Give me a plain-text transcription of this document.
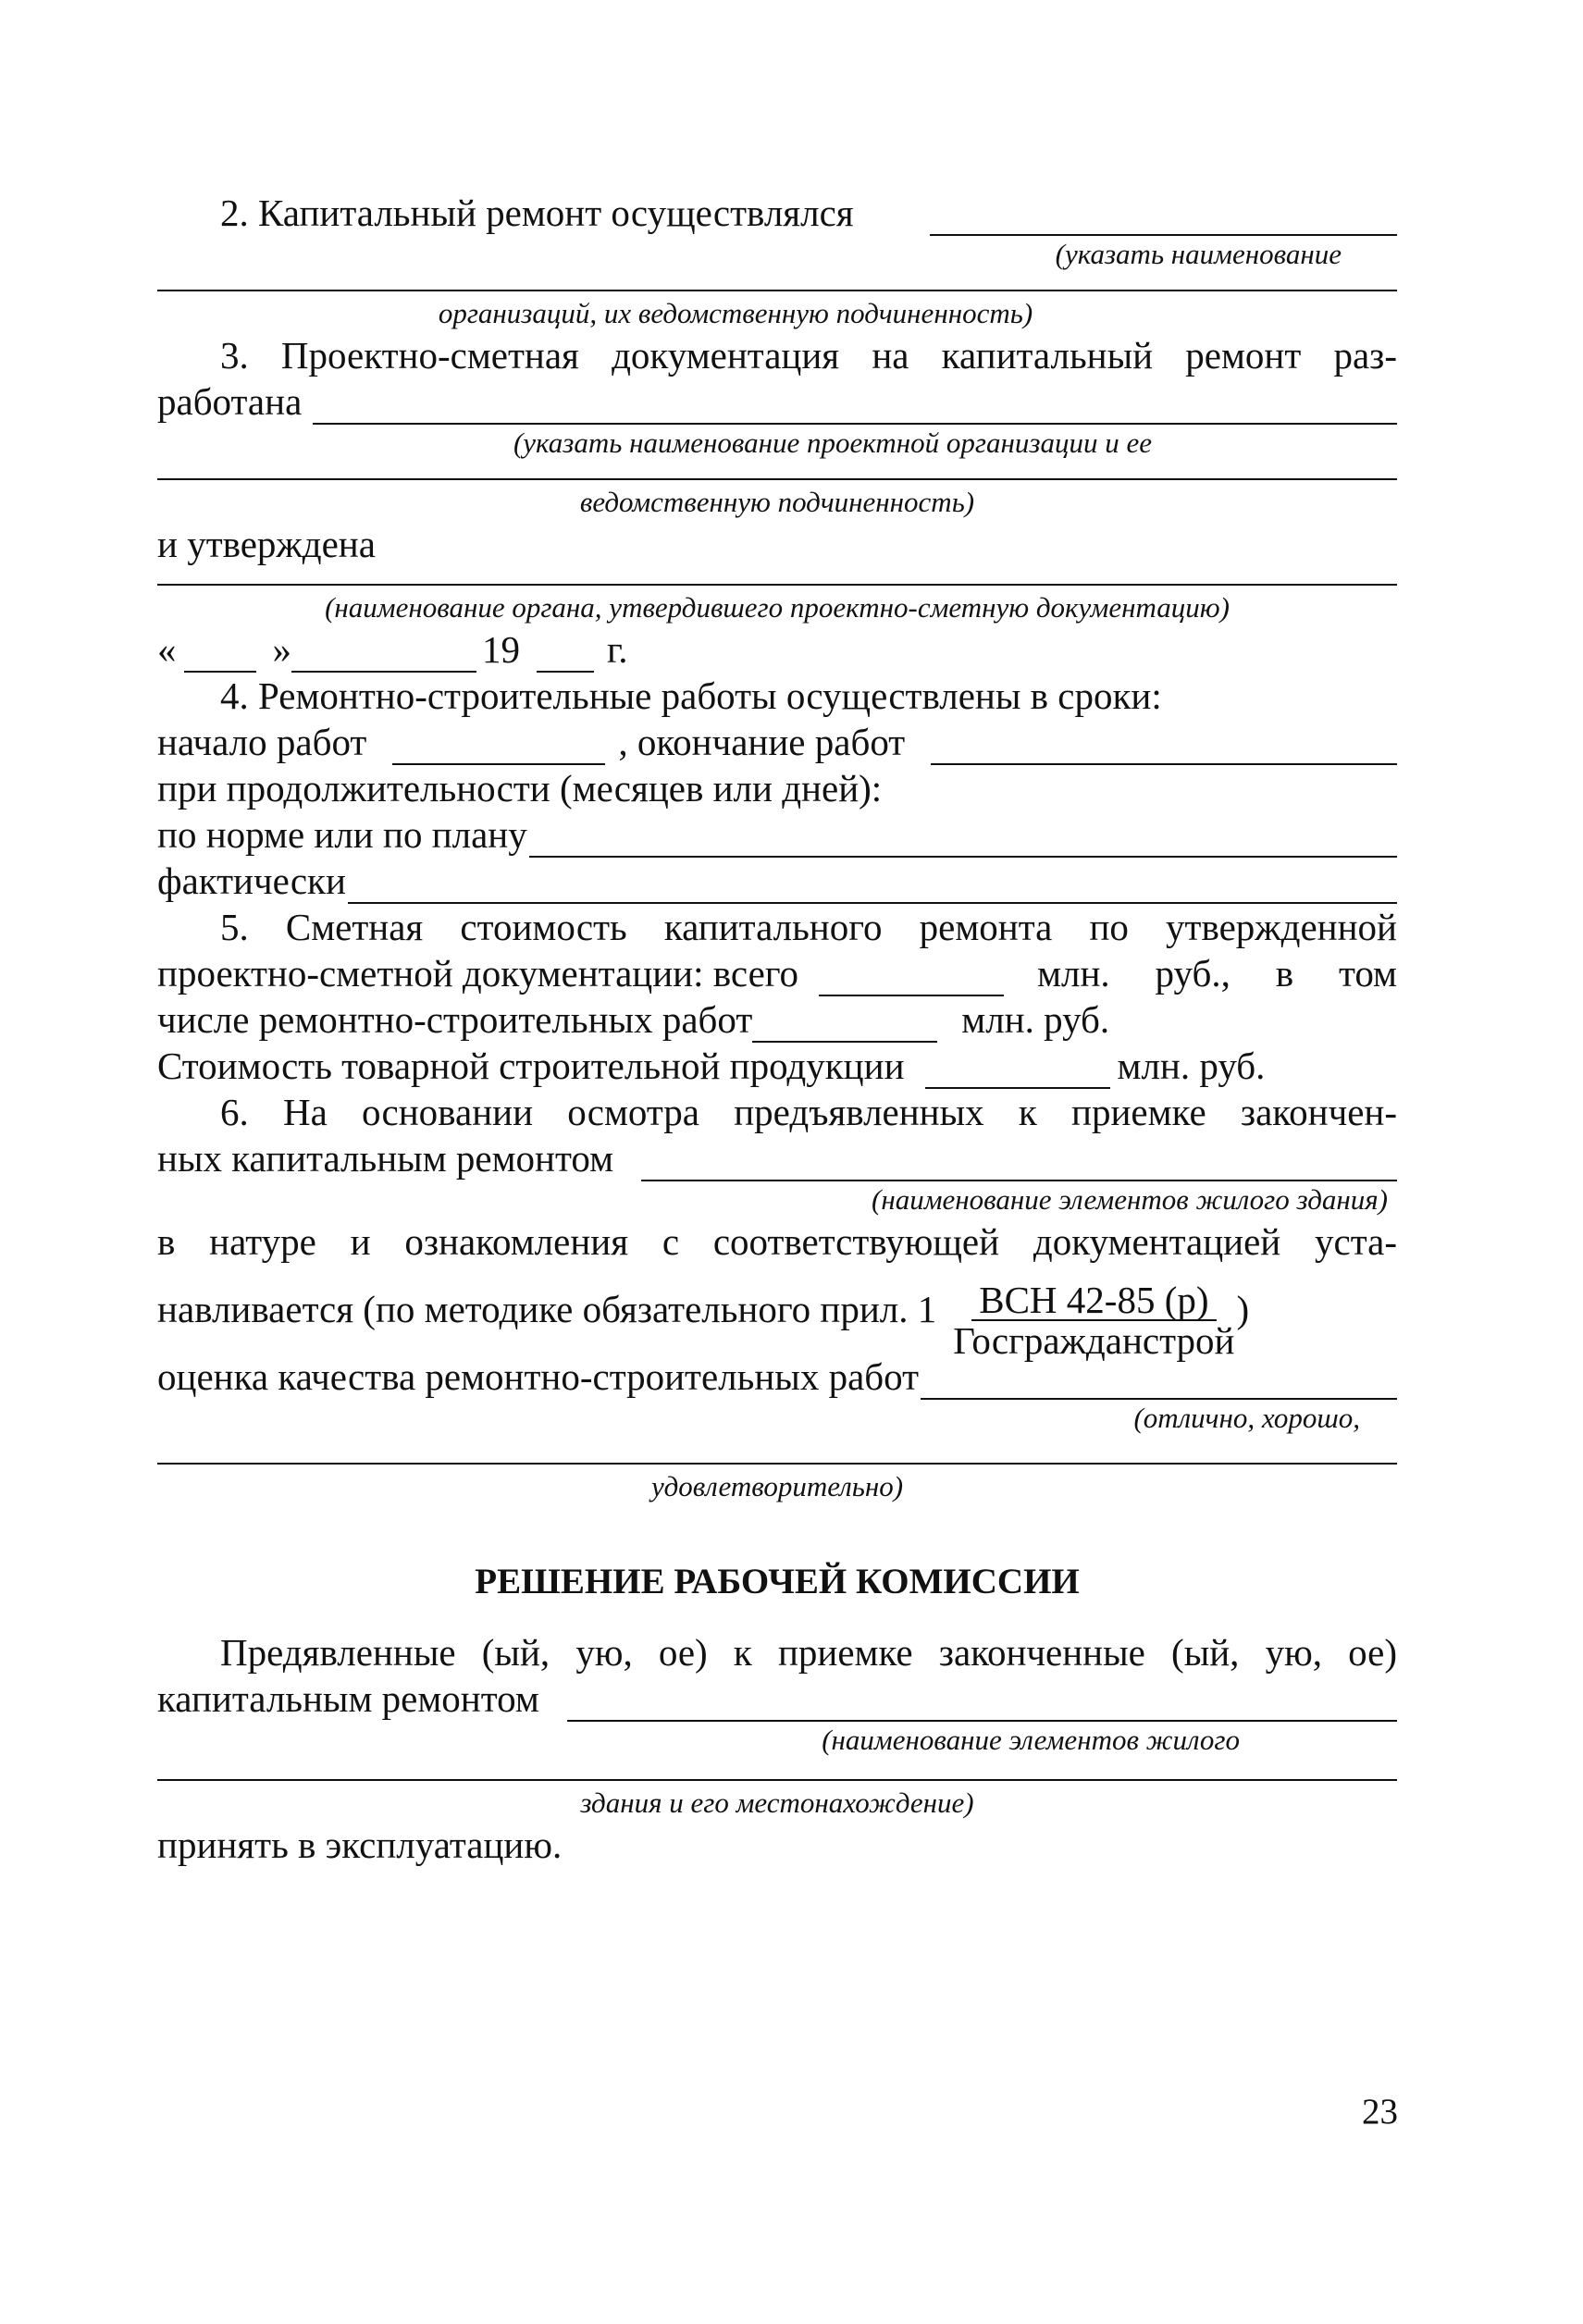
2. Капитальный ремонт осуществлялся
(указать наименование
организаций, их ведомственную подчиненность)
3. Проектно-сметная документация на капитальный ремонт раз-
работана
(указать наименование проектной организации и ее
ведомственную подчиненность)
и утверждена
(наименование органа, утвердившего проектно-сметную документацию)
«	»	19 г.
4. Ремонтно-строительные работы осуществлены в сроки:
начало работ	, окончание работ
при продолжительности (месяцев или дней):
по норме или по плану
фактически
5. Сметная стоимость капитального ремонта по утвержденной
проектно-сметной документации: всего	млн. руб., в том
числе ремонтно-строительных работ	млн. руб.
Стоимость товарной строительной продукции	млн. руб.
6. На основании осмотра предъявленных к приемке закончен-
ных капитальным ремонтом
(наименование элементов жилого здания)
в натуре и ознакомления с соответствующей документацией уста-
навливается (по методике обязательного прил. $1 \frac{\text{ВСН 42-85 (р)}}{\text{Госгражданстрой}}$ )
оценка качества ремонтно-строительных работ
(отлично, хорошо,
удовлетворительно)
РЕШЕНИЕ РАБОЧЕЙ КОМИССИИ
Предявленные (ый, ую, ое) к приемке законченные (ый, ую, ое)
капитальным ремонтом
(наименование элементов жилого
здания и его местонахождение)
принять в эксплуатацию.
23
